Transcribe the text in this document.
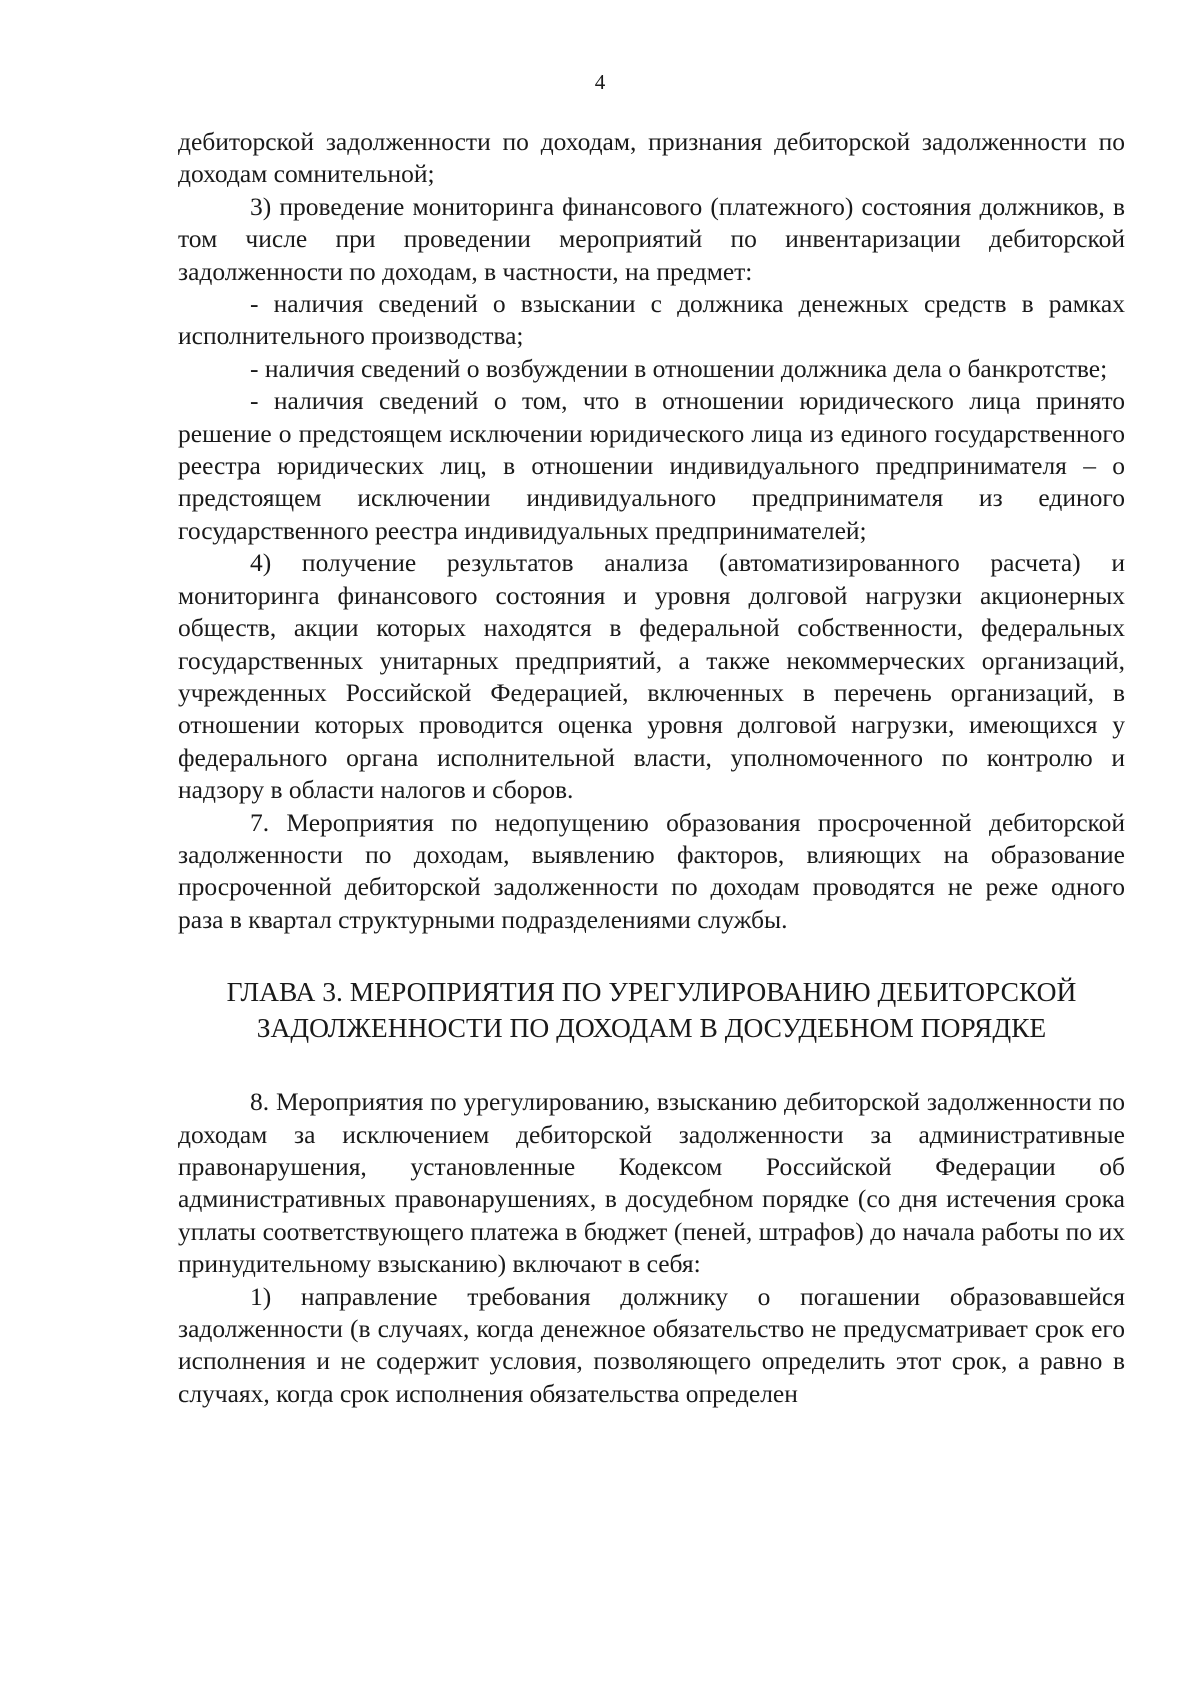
4

дебиторской задолженности по доходам, признания дебиторской задолженности по доходам сомнительной;

3) проведение мониторинга финансового (платежного) состояния должников, в том числе при проведении мероприятий по инвентаризации дебиторской задолженности по доходам, в частности, на предмет:

- наличия сведений о взыскании с должника денежных средств в рамках исполнительного производства;

- наличия сведений о возбуждении в отношении должника дела о банкротстве;

- наличия сведений о том, что в отношении юридического лица принято решение о предстоящем исключении юридического лица из единого государственного реестра юридических лиц, в отношении индивидуального предпринимателя – о предстоящем исключении индивидуального предпринимателя из единого государственного реестра индивидуальных предпринимателей;

4) получение результатов анализа (автоматизированного расчета) и мониторинга финансового состояния и уровня долговой нагрузки акционерных обществ, акции которых находятся в федеральной собственности, федеральных государственных унитарных предприятий, а также некоммерческих организаций, учрежденных Российской Федерацией, включенных в перечень организаций, в отношении которых проводится оценка уровня долговой нагрузки, имеющихся у федерального органа исполнительной власти, уполномоченного по контролю и надзору в области налогов и сборов.

7. Мероприятия по недопущению образования просроченной дебиторской задолженности по доходам, выявлению факторов, влияющих на образование просроченной дебиторской задолженности по доходам проводятся не реже одного раза в квартал структурными подразделениями службы.

ГЛАВА 3. МЕРОПРИЯТИЯ ПО УРЕГУЛИРОВАНИЮ ДЕБИТОРСКОЙ
ЗАДОЛЖЕННОСТИ ПО ДОХОДАМ В ДОСУДЕБНОМ ПОРЯДКЕ

8. Мероприятия по урегулированию, взысканию дебиторской задолженности по доходам за исключением дебиторской задолженности за административные правонарушения, установленные Кодексом Российской Федерации об административных правонарушениях, в досудебном порядке (со дня истечения срока уплаты соответствующего платежа в бюджет (пеней, штрафов) до начала работы по их принудительному взысканию) включают в себя:

1) направление требования должнику о погашении образовавшейся задолженности (в случаях, когда денежное обязательство не предусматривает срок его исполнения и не содержит условия, позволяющего определить этот срок, а равно в случаях, когда срок исполнения обязательства определен
